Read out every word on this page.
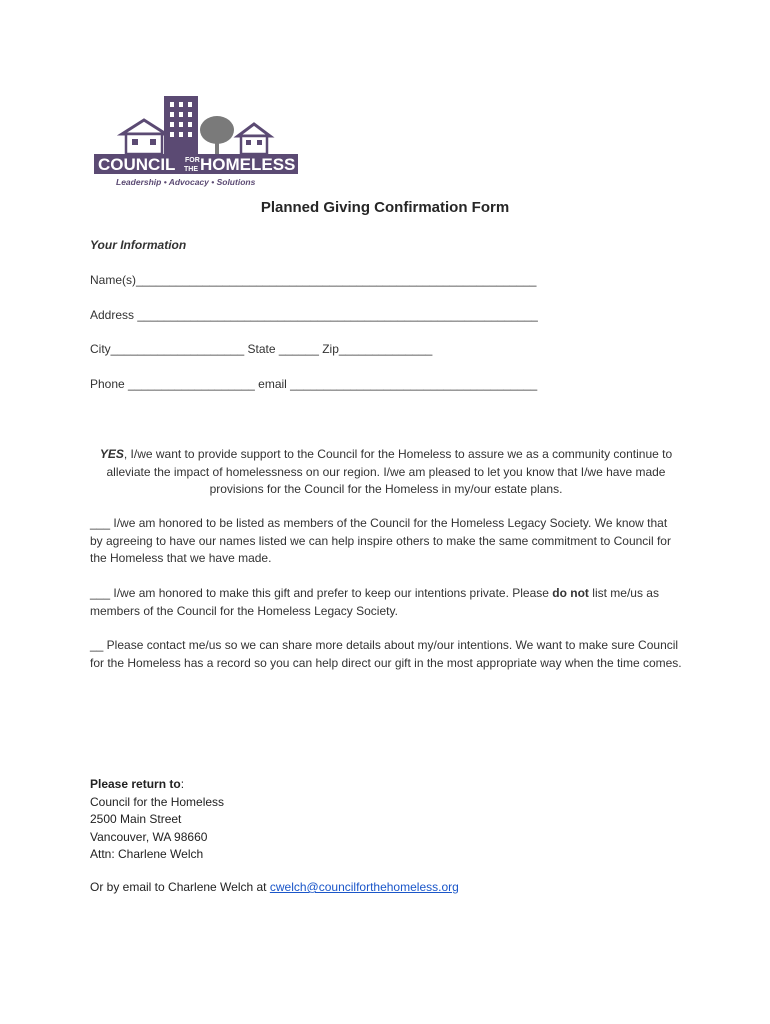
COUNCIL FOR
THE HOMELESS
Leadership • Advocacy • Solutions
Planned Giving Confirmation Form
Your Information
Name(s)____________________________________________________________
Address ____________________________________________________________
City____________________ State ______ Zip______________
Phone ___________________ email _____________________________________
YES, I/we want to provide support to the Council for the Homeless to assure we as a community continue to alleviate the impact of homelessness on our region. I/we am pleased to let you know that I/we have made provisions for the Council for the Homeless in my/our estate plans.
___ I/we am honored to be listed as members of the Council for the Homeless Legacy Society. We know that by agreeing to have our names listed we can help inspire others to make the same commitment to Council for the Homeless that we have made.
___ I/we am honored to make this gift and prefer to keep our intentions private. Please do not list me/us as members of the Council for the Homeless Legacy Society.
__ Please contact me/us so we can share more details about my/our intentions. We want to make sure Council for the Homeless has a record so you can help direct our gift in the most appropriate way when the time comes.
Please return to:
Council for the Homeless
2500 Main Street
Vancouver, WA 98660
Attn: Charlene Welch
Or by email to Charlene Welch at cwelch@councilforthehomeless.org
